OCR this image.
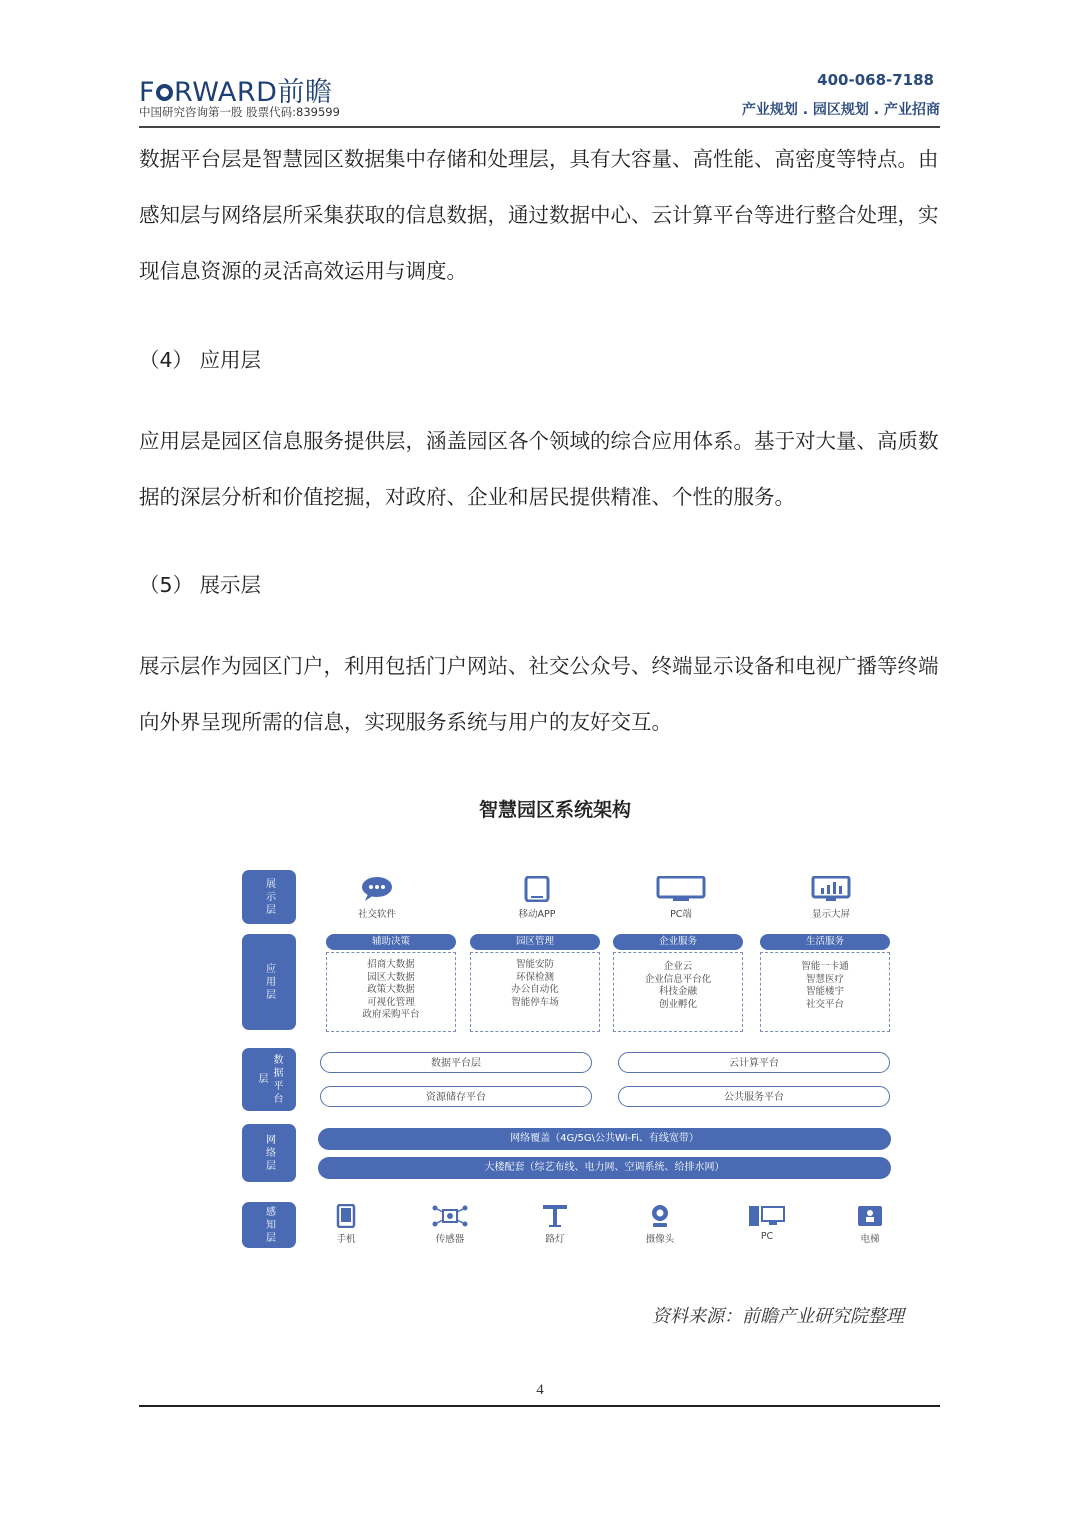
F RWARD前瞻
中国研究咨询第一股 股票代码:839599
400-068-7188
产业规划 . 园区规划 . 产业招商

数据平台层是智慧园区数据集中存储和处理层，具有大容量、高性能、高密度等特点。由感知层与网络层所采集获取的信息数据，通过数据中心、云计算平台等进行整合处理，实现信息资源的灵活高效运用与调度。

（4） 应用层

应用层是园区信息服务提供层，涵盖园区各个领域的综合应用体系。基于对大量、高质数据的深层分析和价值挖掘，对政府、企业和居民提供精准、个性的服务。

（5） 展示层

展示层作为园区门户，利用包括门户网站、社交公众号、终端显示设备和电视广播等终端向外界呈现所需的信息，实现服务系统与用户的友好交互。

智慧园区系统架构
展示层
应用层
数据平台层
网络层
感知层
社交软件	移动APP	PC端	显示大屏
辅助决策
招商大数据
园区大数据
政策大数据
可视化管理
政府采购平台
园区管理
智能安防
环保检测
办公自动化
智能停车场
企业服务
企业云
企业信息平台化
科技金融
创业孵化
生活服务
智能一卡通
智慧医疗
智能楼宇
社交平台
数据平台层	云计算平台
资源储存平台	公共服务平台
网络覆盖（4G/5G\公共Wi-Fi、有线宽带）
大楼配套（综艺布线、电力网、空调系统、给排水网）
手机	传感器	路灯	摄像头	PC	电梯
资料来源：前瞻产业研究院整理
4
